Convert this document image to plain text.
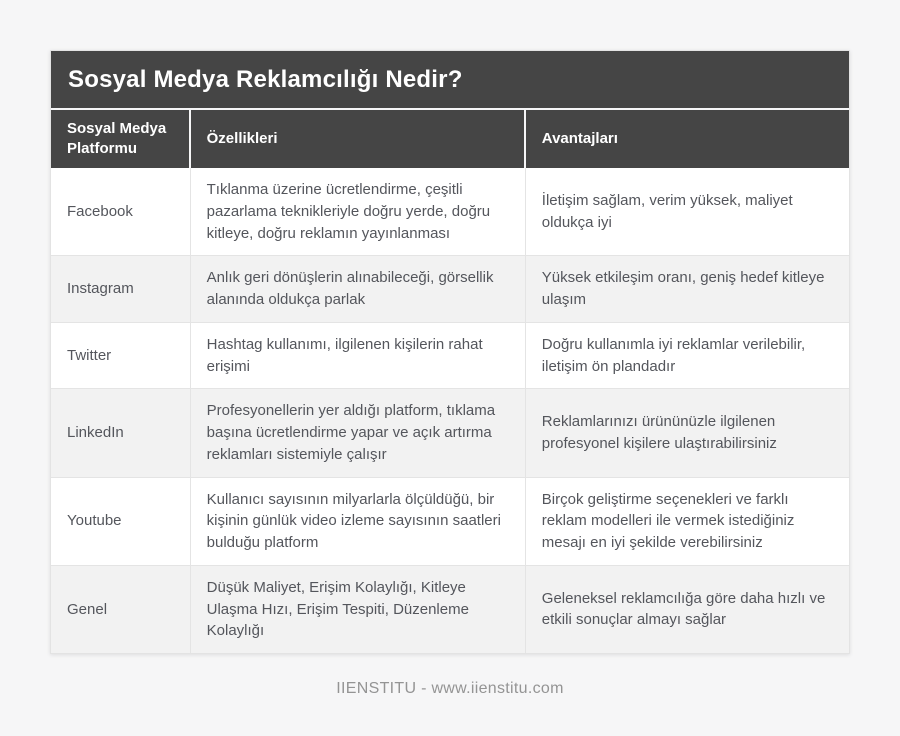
Sosyal Medya Reklamcılığı Nedir?
Sosyal Medya Platformu	Özellikleri	Avantajları
Facebook	Tıklanma üzerine ücretlendirme, çeşitli pazarlama teknikleriyle doğru yerde, doğru kitleye, doğru reklamın yayınlanması	İletişim sağlam, verim yüksek, maliyet oldukça iyi
Instagram	Anlık geri dönüşlerin alınabileceği, görsellik alanında oldukça parlak	Yüksek etkileşim oranı, geniş hedef kitleye ulaşım
Twitter	Hashtag kullanımı, ilgilenen kişilerin rahat erişimi	Doğru kullanımla iyi reklamlar verilebilir, iletişim ön plandadır
LinkedIn	Profesyonellerin yer aldığı platform, tıklama başına ücretlendirme yapar ve açık artırma reklamları sistemiyle çalışır	Reklamlarınızı ürününüzle ilgilenen profesyonel kişilere ulaştırabilirsiniz
Youtube	Kullanıcı sayısının milyarlarla ölçüldüğü, bir kişinin günlük video izleme sayısının saatleri bulduğu platform	Birçok geliştirme seçenekleri ve farklı reklam modelleri ile vermek istediğiniz mesajı en iyi şekilde verebilirsiniz
Genel	Düşük Maliyet, Erişim Kolaylığı, Kitleye Ulaşma Hızı, Erişim Tespiti, Düzenleme Kolaylığı	Geleneksel reklamcılığa göre daha hızlı ve etkili sonuçlar almayı sağlar
IIENSTITU - www.iienstitu.com
